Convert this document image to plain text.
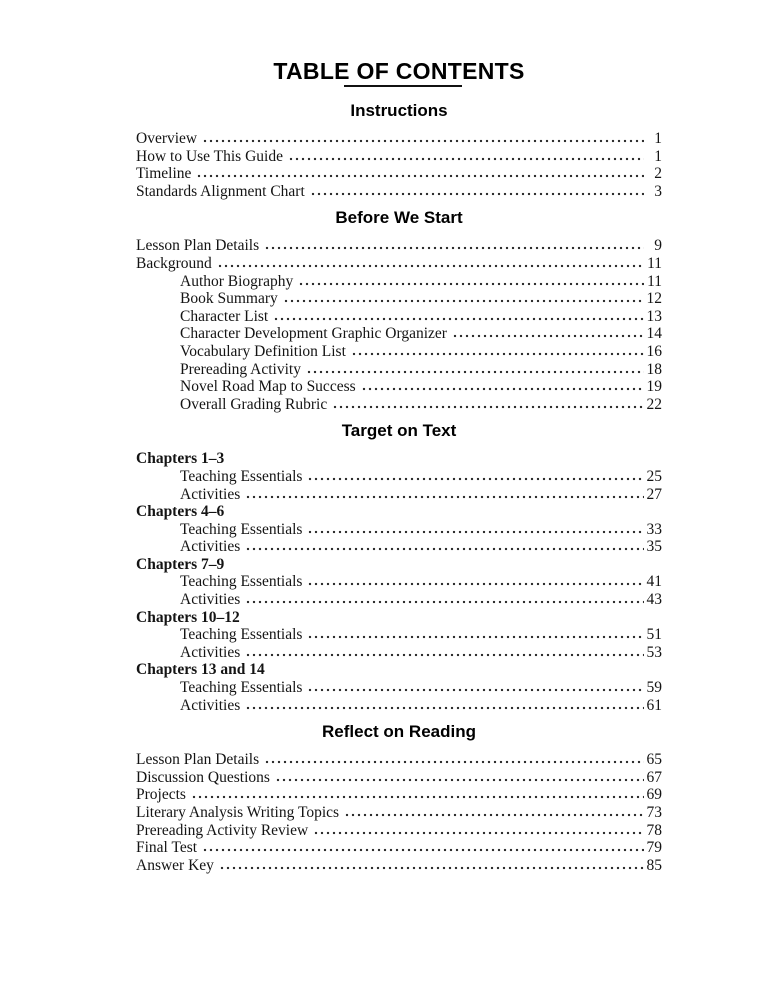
TABLE OF CONTENTS
Instructions
Overview	1
How to Use This Guide	1
Timeline	2
Standards Alignment Chart	3
Before We Start
Lesson Plan Details	9
Background	11
Author Biography	11
Book Summary	12
Character List	13
Character Development Graphic Organizer	14
Vocabulary Definition List	16
Prereading Activity	18
Novel Road Map to Success	19
Overall Grading Rubric	22
Target on Text
Chapters 1–3
Teaching Essentials	25
Activities	27
Chapters 4–6
Teaching Essentials	33
Activities	35
Chapters 7–9
Teaching Essentials	41
Activities	43
Chapters 10–12
Teaching Essentials	51
Activities	53
Chapters 13 and 14
Teaching Essentials	59
Activities	61
Reflect on Reading
Lesson Plan Details	65
Discussion Questions	67
Projects	69
Literary Analysis Writing Topics	73
Prereading Activity Review	78
Final Test	79
Answer Key	85
